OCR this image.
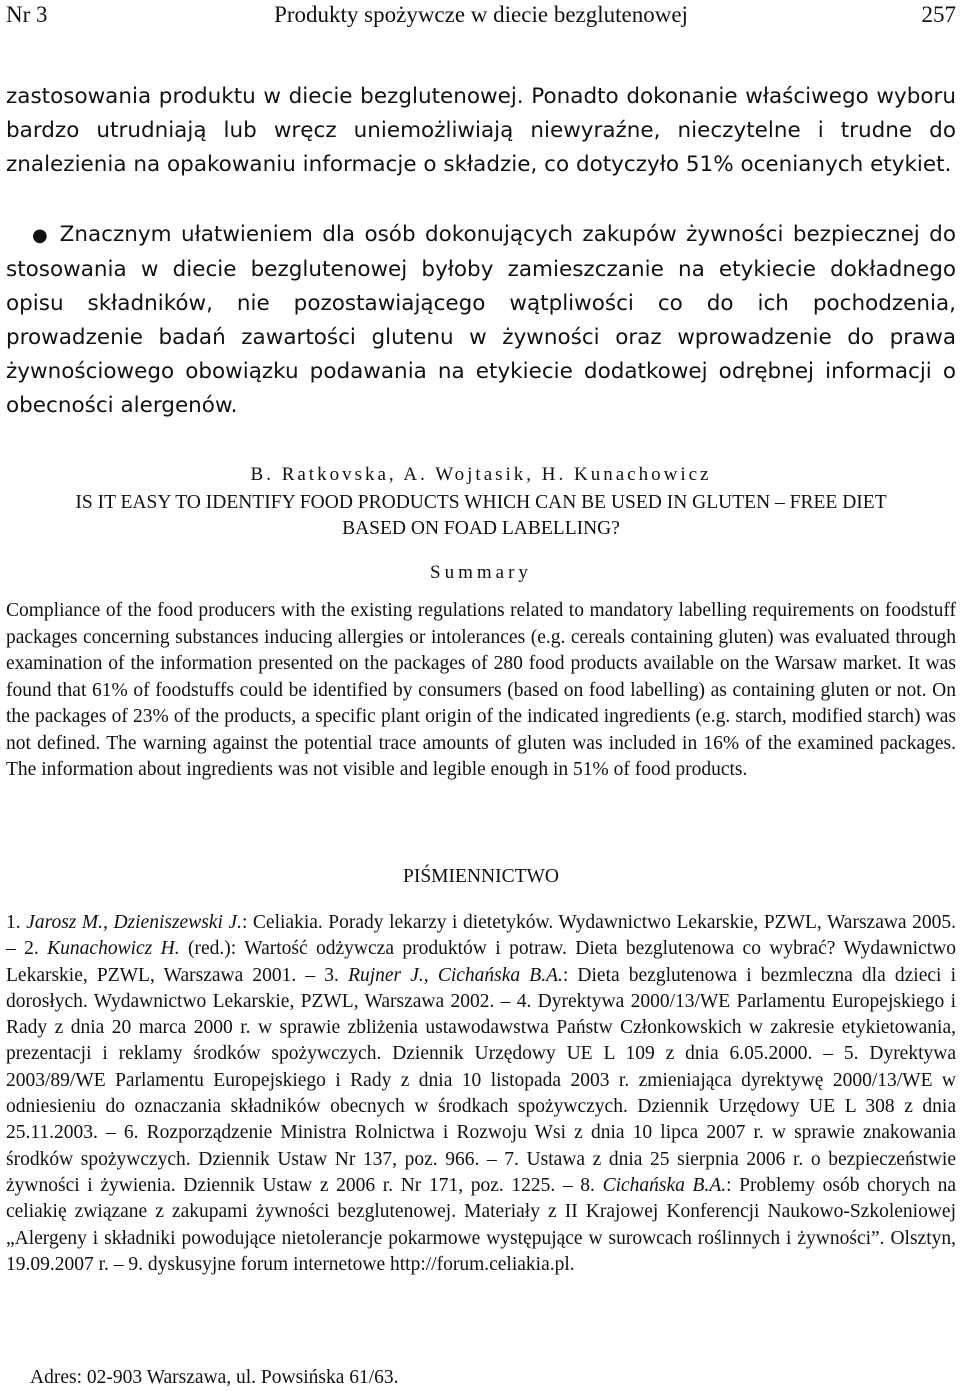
Nr 3	Produkty spożywcze w diecie bezglutenowej	257
zastosowania produktu w diecie bezglutenowej. Ponadto dokonanie właściwego wyboru bardzo utrudniają lub wręcz uniemożliwiają niewyraźne, nieczytelne i trudne do znalezienia na opakowaniu informacje o składzie, co dotyczyło 51% ocenianych etykiet.
● Znacznym ułatwieniem dla osób dokonujących zakupów żywności bezpiecznej do stosowania w diecie bezglutenowej byłoby zamieszczanie na etykiecie dokładnego opisu składników, nie pozostawiającego wątpliwości co do ich pochodzenia, prowadzenie badań zawartości glutenu w żywności oraz wprowadzenie do prawa żywnościowego obowiązku podawania na etykiecie dodatkowej odrębnej informacji o obecności alergenów.
B. Ratkovska, A. Wojtasik, H. Kunachowicz
IS IT EASY TO IDENTIFY FOOD PRODUCTS WHICH CAN BE USED IN GLUTEN – FREE DIET
BASED ON FOAD LABELLING?
Summary
Compliance of the food producers with the existing regulations related to mandatory labelling requirements on foodstuff packages concerning substances inducing allergies or intolerances (e.g. cereals containing gluten) was evaluated through examination of the information presented on the packages of 280 food products available on the Warsaw market. It was found that 61% of foodstuffs could be identified by consumers (based on food labelling) as containing gluten or not. On the packages of 23% of the products, a specific plant origin of the indicated ingredients (e.g. starch, modified starch) was not defined. The warning against the potential trace amounts of gluten was included in 16% of the examined packages. The information about ingredients was not visible and legible enough in 51% of food products.
PIŚMIENNICTWO
1. Jarosz M., Dzieniszewski J.: Celiakia. Porady lekarzy i dietetyków. Wydawnictwo Lekarskie, PZWL, Warszawa 2005. – 2. Kunachowicz H. (red.): Wartość odżywcza produktów i potraw. Dieta bezglutenowa co wybrać? Wydawnictwo Lekarskie, PZWL, Warszawa 2001. – 3. Rujner J., Cichańska B.A.: Dieta bezglutenowa i bezmleczna dla dzieci i dorosłych. Wydawnictwo Lekarskie, PZWL, Warszawa 2002. – 4. Dyrektywa 2000/13/WE Parlamentu Europejskiego i Rady z dnia 20 marca 2000 r. w sprawie zbliżenia ustawodawstwa Państw Członkowskich w zakresie etykietowania, prezentacji i reklamy środków spożywczych. Dziennik Urzędowy UE L 109 z dnia 6.05.2000. – 5. Dyrektywa 2003/89/WE Parlamentu Europejskiego i Rady z dnia 10 listopada 2003 r. zmieniająca dyrektywę 2000/13/WE w odniesieniu do oznaczania składników obecnych w środkach spożywczych. Dziennik Urzędowy UE L 308 z dnia 25.11.2003. – 6. Rozporządzenie Ministra Rolnictwa i Rozwoju Wsi z dnia 10 lipca 2007 r. w sprawie znakowania środków spożywczych. Dziennik Ustaw Nr 137, poz. 966. – 7. Ustawa z dnia 25 sierpnia 2006 r. o bezpieczeństwie żywności i żywienia. Dziennik Ustaw z 2006 r. Nr 171, poz. 1225. – 8. Cichańska B.A.: Problemy osób chorych na celiakię związane z zakupami żywności bezglutenowej. Materiały z II Krajowej Konferencji Naukowo-Szkoleniowej „Alergeny i składniki powodujące nietolerancje pokarmowe występujące w surowcach roślinnych i żywności”. Olsztyn, 19.09.2007 r. – 9. dyskusyjne forum internetowe http://forum.celiakia.pl.
Adres: 02-903 Warszawa, ul. Powsińska 61/63.
